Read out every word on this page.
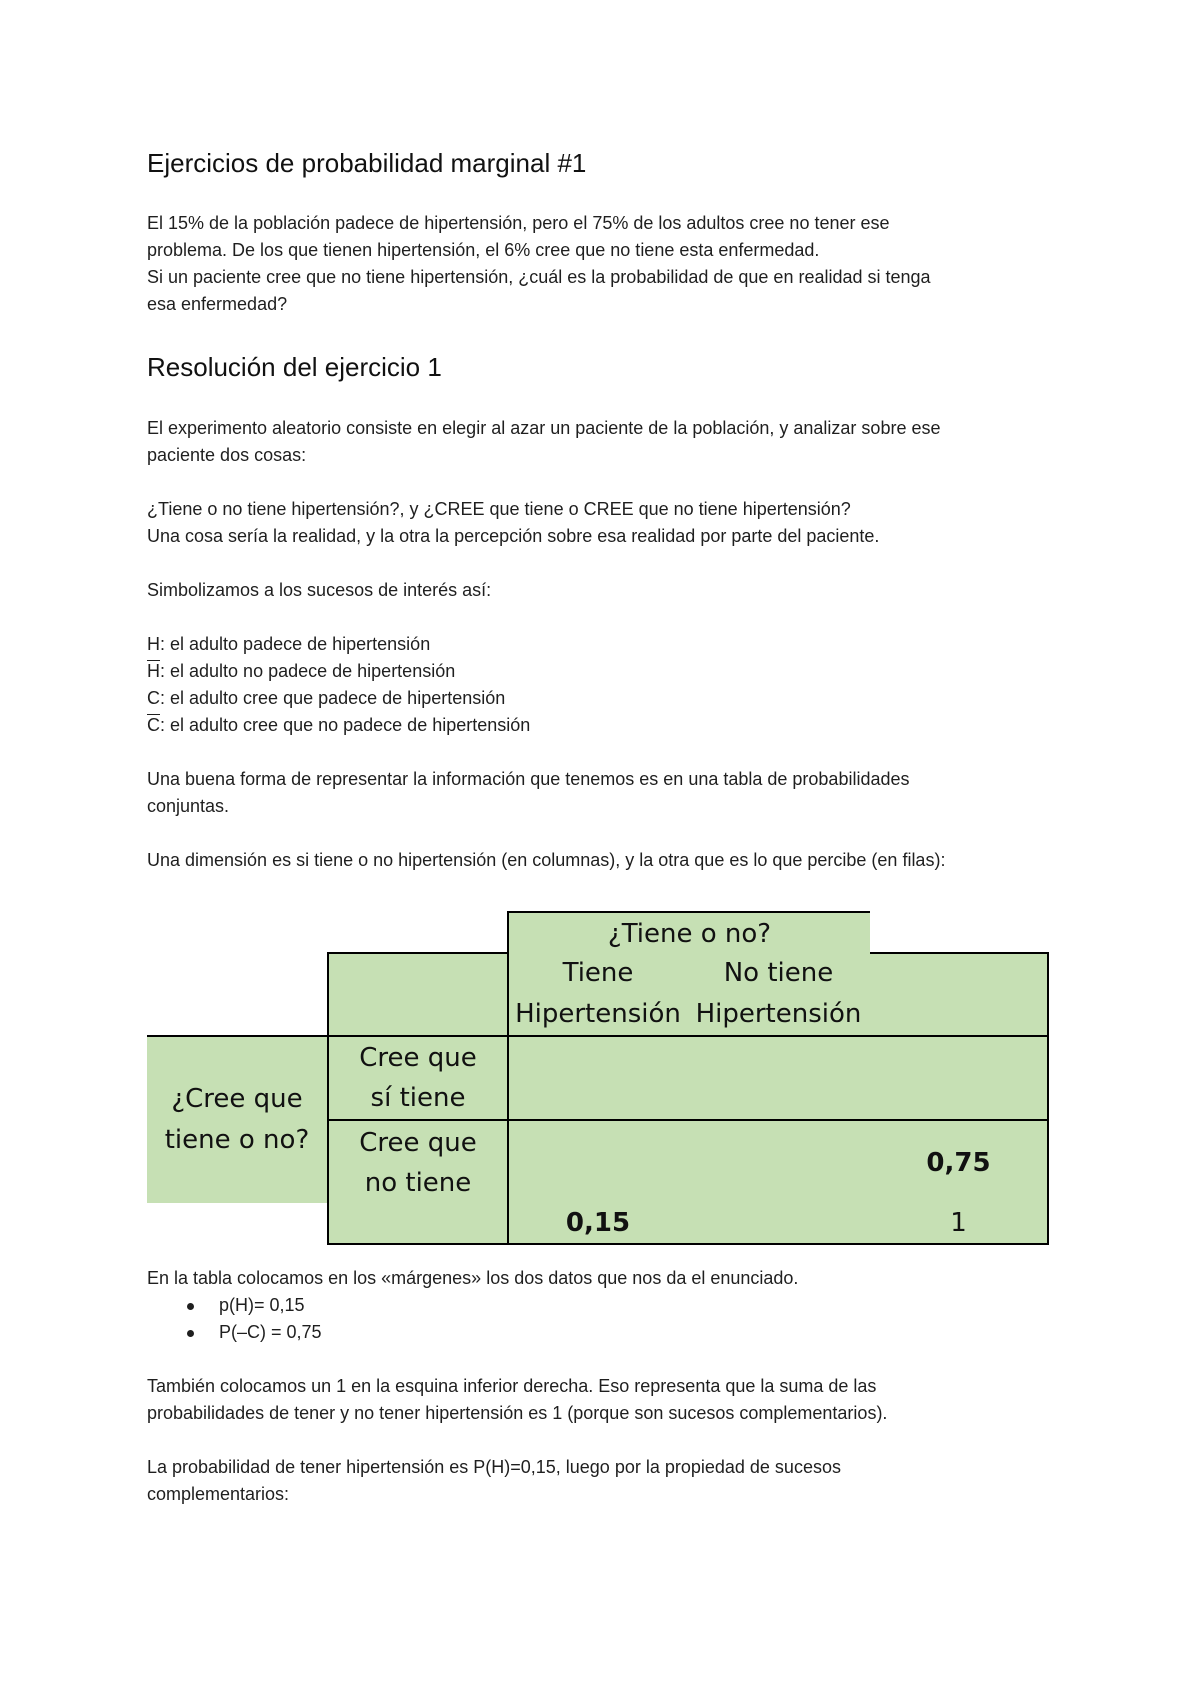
Ejercicios de probabilidad marginal #1
El 15% de la población padece de hipertensión, pero el 75% de los adultos cree no tener ese
problema. De los que tienen hipertensión, el 6% cree que no tiene esta enfermedad.
Si un paciente cree que no tiene hipertensión, ¿cuál es la probabilidad de que en realidad si tenga
esa enfermedad?
Resolución del ejercicio 1
El experimento aleatorio consiste en elegir al azar un paciente de la población, y analizar sobre ese
paciente dos cosas:
¿Tiene o no tiene hipertensión?, y ¿CREE que tiene o CREE que no tiene hipertensión?
Una cosa sería la realidad, y la otra la percepción sobre esa realidad por parte del paciente.
Simbolizamos a los sucesos de interés así:
H: el adulto padece de hipertensión
$\overline{H}$: el adulto no padece de hipertensión
C: el adulto cree que padece de hipertensión
$\overline{C}$: el adulto cree que no padece de hipertensión
Una buena forma de representar la información que tenemos es en una tabla de probabilidades
conjuntas.
Una dimensión es si tiene o no hipertensión (en columnas), y la otra que es lo que percibe (en filas):
¿Tiene o no?
Tiene
Hipertensión
No tiene
Hipertensión
¿Cree que
tiene o no?
Cree que
sí tiene
Cree que
no tiene
0,75
0,15	1
En la tabla colocamos en los «márgenes» los dos datos que nos da el enunciado.
p(H)= 0,15
P(–C) = 0,75
También colocamos un 1 en la esquina inferior derecha. Eso representa que la suma de las
probabilidades de tener y no tener hipertensión es 1 (porque son sucesos complementarios).
La probabilidad de tener hipertensión es P(H)=0,15, luego por la propiedad de sucesos
complementarios:
